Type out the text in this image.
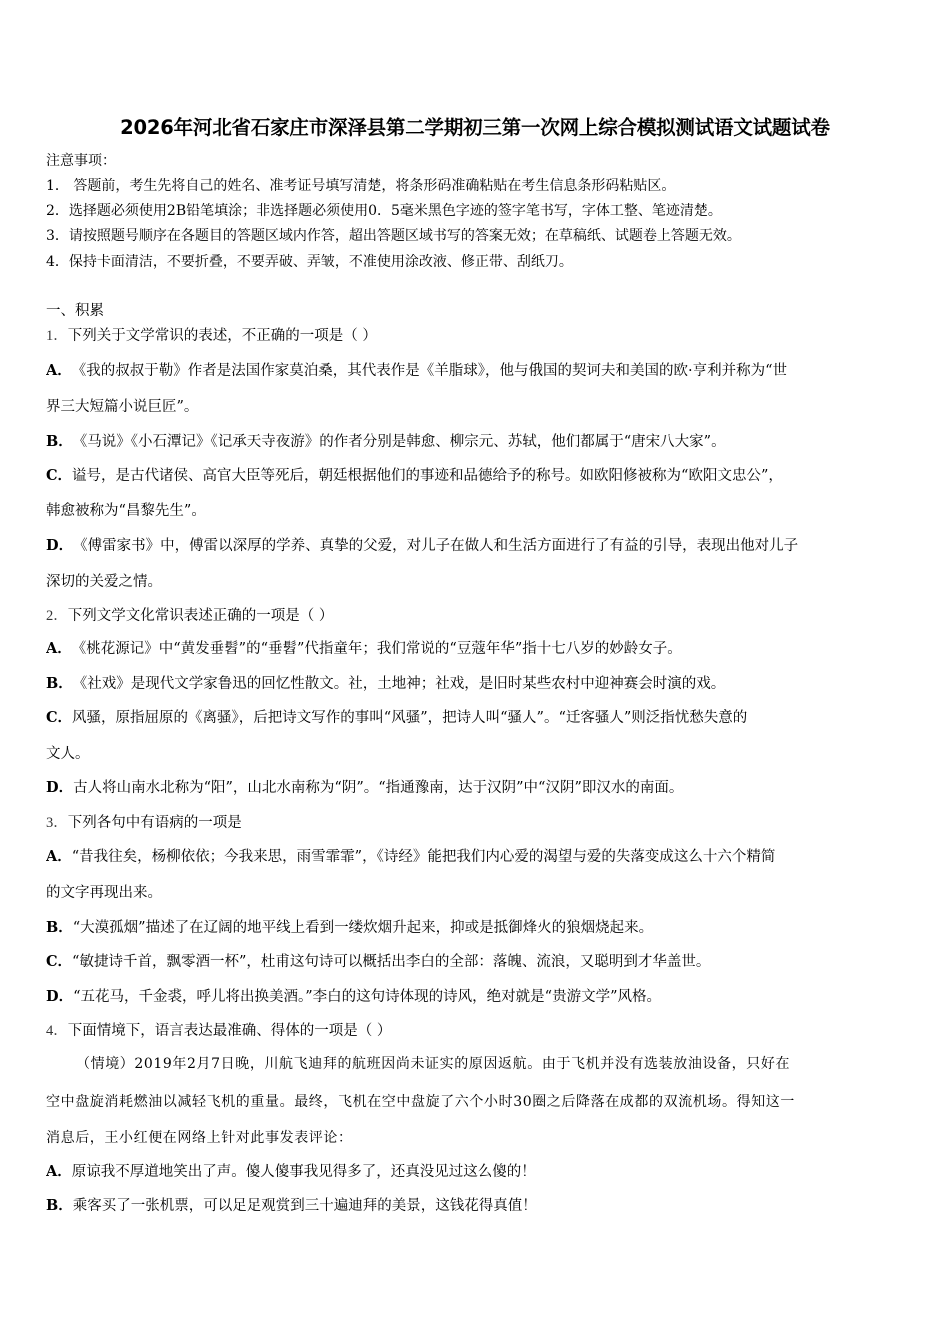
2026年河北省石家庄市深泽县第二学期初三第一次网上综合模拟测试语文试题试卷
注意事项：
1． 答题前，考生先将自己的姓名、准考证号填写清楚，将条形码准确粘贴在考生信息条形码粘贴区。
2．选择题必须使用2B铅笔填涂；非选择题必须使用0．5毫米黑色字迹的签字笔书写，字体工整、笔迹清楚。
3．请按照题号顺序在各题目的答题区域内作答，超出答题区域书写的答案无效；在草稿纸、试题卷上答题无效。
4．保持卡面清洁，不要折叠，不要弄破、弄皱，不准使用涂改液、修正带、刮纸刀。
一、积累
1．下列关于文学常识的表述，不正确的一项是（ ）
A．《我的叔叔于勒》作者是法国作家莫泊桑，其代表作是《羊脂球》，他与俄国的契诃夫和美国的欧·亨利并称为“世
界三大短篇小说巨匠”。
B．《马说》《小石潭记》《记承天寺夜游》的作者分别是韩愈、柳宗元、苏轼，他们都属于“唐宋八大家”。
C．谥号，是古代诸侯、高官大臣等死后，朝廷根据他们的事迹和品德给予的称号。如欧阳修被称为“欧阳文忠公”，
韩愈被称为“昌黎先生”。
D．《傅雷家书》中，傅雷以深厚的学养、真挚的父爱，对儿子在做人和生活方面进行了有益的引导，表现出他对儿子
深切的关爱之情。
2．下列文学文化常识表述正确的一项是（ ）
A．《桃花源记》中“黄发垂髫”的“垂髫”代指童年；我们常说的“豆蔻年华”指十七八岁的妙龄女子。
B．《社戏》是现代文学家鲁迅的回忆性散文。社，土地神；社戏，是旧时某些农村中迎神赛会时演的戏。
C．风骚，原指屈原的《离骚》，后把诗文写作的事叫“风骚”，把诗人叫“骚人”。“迁客骚人”则泛指忧愁失意的
文人。
D．古人将山南水北称为“阳”，山北水南称为“阴”。“指通豫南，达于汉阴”中“汉阴”即汉水的南面。
3．下列各句中有语病的一项是
A．“昔我往矣，杨柳依依；今我来思，雨雪霏霏”，《诗经》能把我们内心爱的渴望与爱的失落变成这么十六个精简
的文字再现出来。
B．“大漠孤烟”描述了在辽阔的地平线上看到一缕炊烟升起来，抑或是抵御烽火的狼烟烧起来。
C．“敏捷诗千首，飘零酒一杯”，杜甫这句诗可以概括出李白的全部：落魄、流浪，又聪明到才华盖世。
D．“五花马，千金裘，呼儿将出换美酒。”李白的这句诗体现的诗风，绝对就是“贵游文学”风格。
4．下面情境下，语言表达最准确、得体的一项是（ ）
（情境）2019年2月7日晚，川航飞迪拜的航班因尚未证实的原因返航。由于飞机并没有选装放油设备，只好在
空中盘旋消耗燃油以减轻飞机的重量。最终，飞机在空中盘旋了六个小时30圈之后降落在成都的双流机场。得知这一
消息后，王小红便在网络上针对此事发表评论：
A．原谅我不厚道地笑出了声。傻人傻事我见得多了，还真没见过这么傻的！
B．乘客买了一张机票，可以足足观赏到三十遍迪拜的美景，这钱花得真值！
